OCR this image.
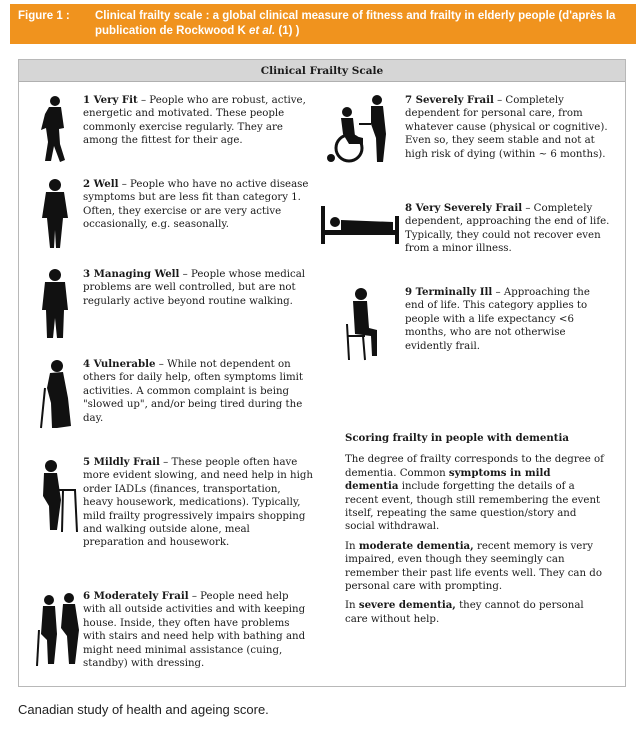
Figure 1 :	Clinical frailty scale : a global clinical measure of fitness and frailty in elderly people (d'après la publication de Rockwood K et al. (1) )
Clinical Frailty Scale
1 Very Fit – People who are robust, active, energetic and motivated. These people commonly exercise regularly. They are among the fittest for their age.
2 Well – People who have no active disease symptoms but are less fit than category 1. Often, they exercise or are very active occasionally, e.g. seasonally.
3 Managing Well – People whose medical problems are well controlled, but are not regularly active beyond routine walking.
4 Vulnerable – While not dependent on others for daily help, often symptoms limit activities. A common complaint is being "slowed up", and/or being tired during the day.
5 Mildly Frail – These people often have more evident slowing, and need help in high order IADLs (finances, transportation, heavy housework, medications). Typically, mild frailty progressively impairs shopping and walking outside alone, meal preparation and housework.
6 Moderately Frail – People need help with all outside activities and with keeping house. Inside, they often have problems with stairs and need help with bathing and might need minimal assistance (cuing, standby) with dressing.
7 Severely Frail – Completely dependent for personal care, from whatever cause (physical or cognitive). Even so, they seem stable and not at high risk of dying (within ~ 6 months).
8 Very Severely Frail – Completely dependent, approaching the end of life. Typically, they could not recover even from a minor illness.
9 Terminally Ill – Approaching the end of life. This category applies to people with a life expectancy <6 months, who are not otherwise evidently frail.
Scoring frailty in people with dementia

The degree of frailty corresponds to the degree of dementia. Common symptoms in mild dementia include forgetting the details of a recent event, though still remembering the event itself, repeating the same question/story and social withdrawal.

In moderate dementia, recent memory is very impaired, even though they seemingly can remember their past life events well. They can do personal care with prompting.

In severe dementia, they cannot do personal care without help.

Canadian study of health and ageing score.
